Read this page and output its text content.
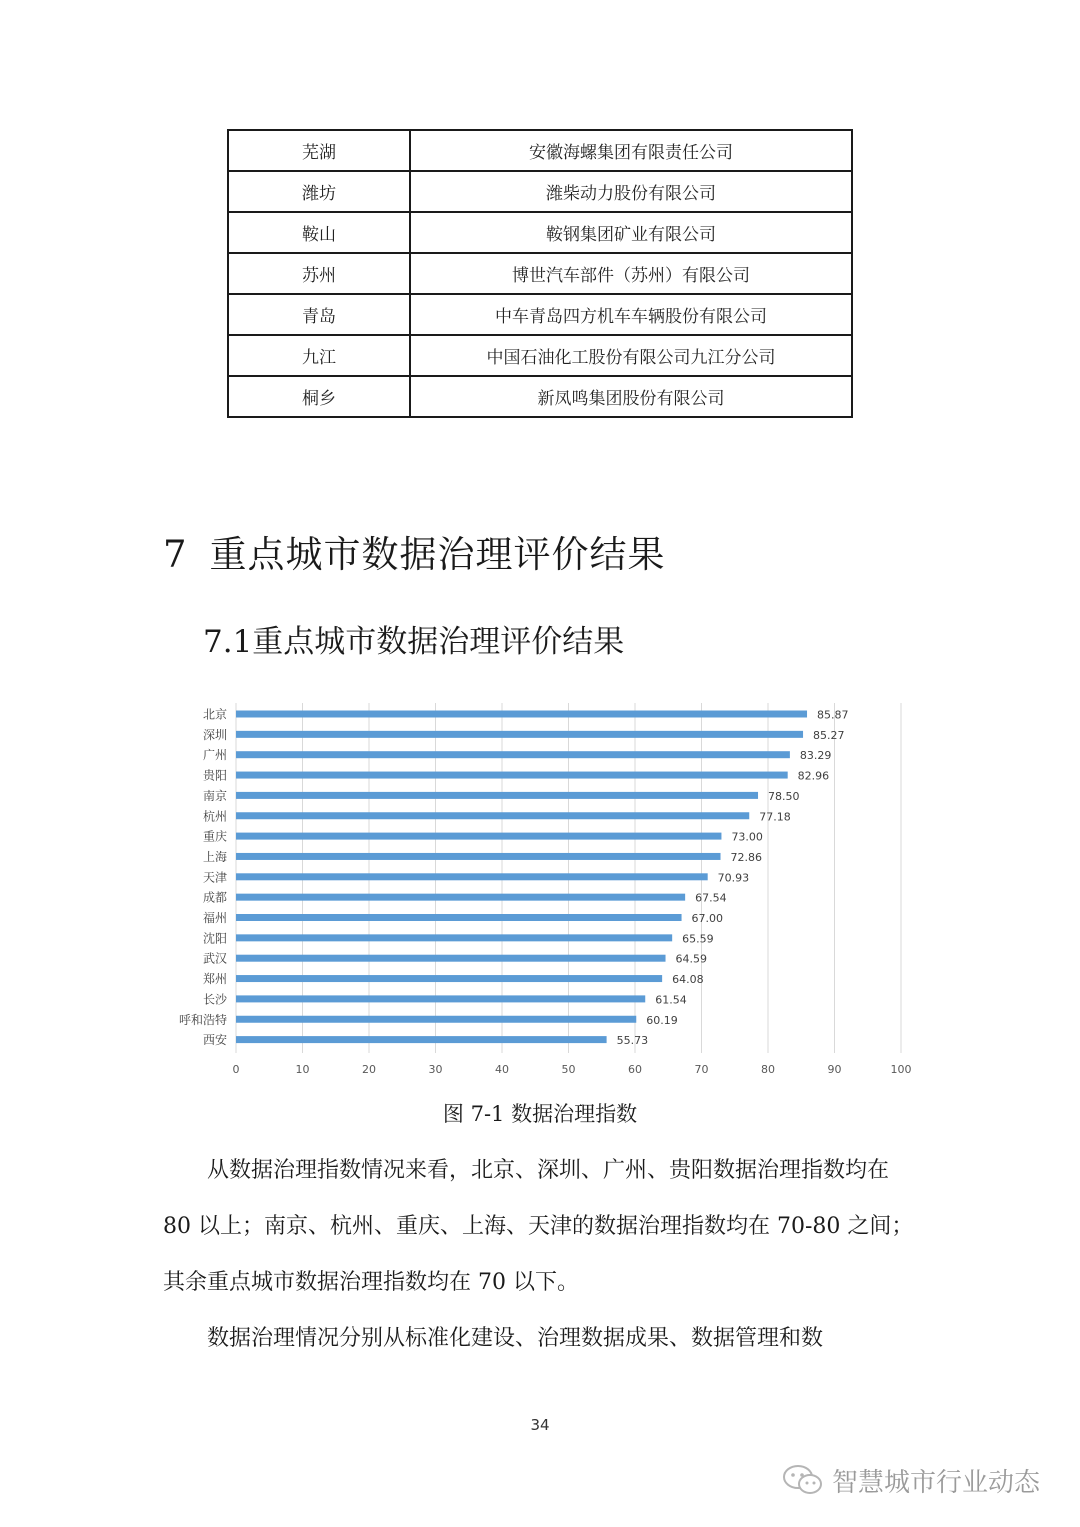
芜湖	安徽海螺集团有限责任公司
潍坊	潍柴动力股份有限公司
鞍山	鞍钢集团矿业有限公司
苏州	博世汽车部件（苏州）有限公司
青岛	中车青岛四方机车车辆股份有限公司
九江	中国石油化工股份有限公司九江分公司
桐乡	新凤鸣集团股份有限公司
7 重点城市数据治理评价结果
7.1重点城市数据治理评价结果
0	10	20	30	40	50	60	70	80	90	100
北京	85.87
深圳	85.27
广州	83.29
贵阳	82.96
南京	78.50
杭州	77.18
重庆	73.00
上海	72.86
天津	70.93
成都	67.54
福州	67.00
沈阳	65.59
武汉	64.59
郑州	64.08
长沙	61.54
呼和浩特	60.19
西安	55.73
图 7-1 数据治理指数

从数据治理指数情况来看，北京、深圳、广州、贵阳数据治理指数均在 80 以上；南京、杭州、重庆、上海、天津的数据治理指数均在 70-80 之间；其余重点城市数据治理指数均在 70 以下。

数据治理情况分别从标准化建设、治理数据成果、数据管理和数

34
智慧城市行业动态
